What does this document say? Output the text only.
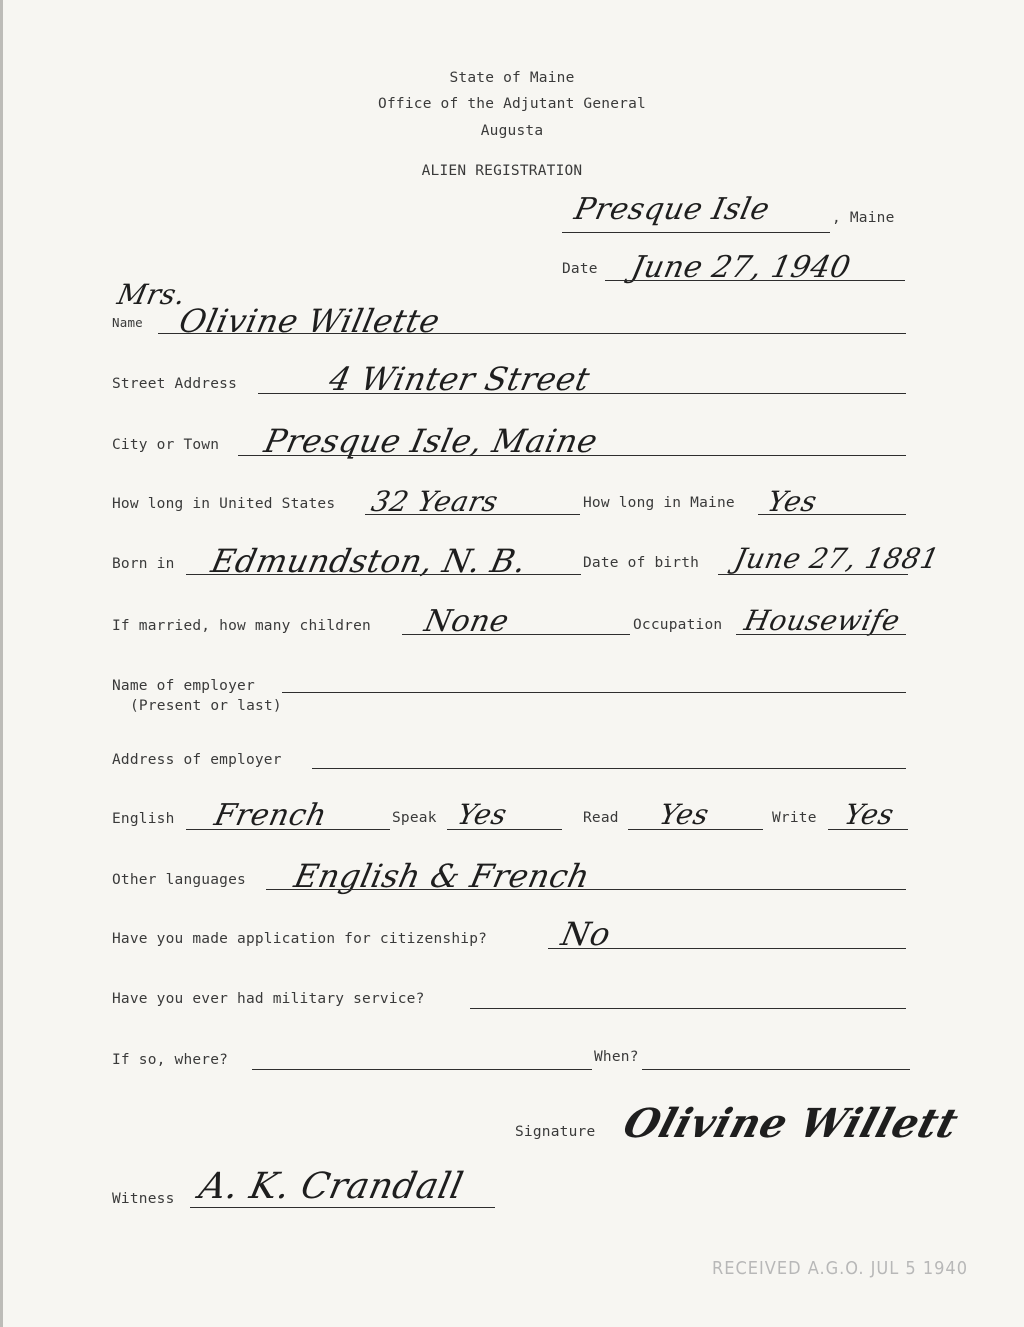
State of Maine
Office of the Adjutant General
Augusta
ALIEN REGISTRATION
Presque Isle	, Maine
Date June 27, 1940
Mrs.
Name Olivine Willette
Street Address	4 Winter Street
City or Town Presque Isle, Maine
How long in United States 32 Years	How long in Maine Yes
Born in Edmundston, N. B.	Date of birth June 27, 1881
If married, how many children None	Occupation Housewife
Name of employer
(Present or last)
Address of employer
English French	Speak Yes	Read Yes	Write Yes
Other languages English & French
Have you made application for citizenship? No
Have you ever had military service?
If so, where?	When?
Signature Olivine Willett
Witness A. K. Crandall
RECEIVED A.G.O. JUL 5 1940
